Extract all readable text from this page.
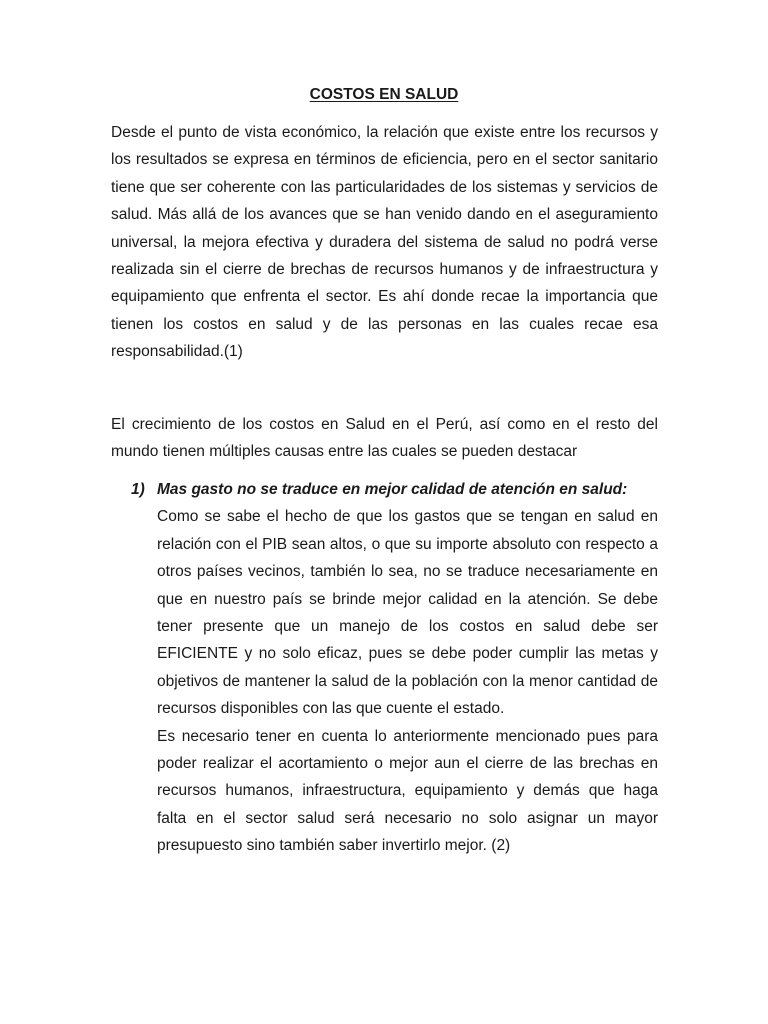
COSTOS EN SALUD

Desde el punto de vista económico, la relación que existe entre los recursos y los resultados se expresa en términos de eficiencia, pero en el sector sanitario tiene que ser coherente con las particularidades de los sistemas y servicios de salud. Más allá de los avances que se han venido dando en el aseguramiento universal, la mejora efectiva y duradera del sistema de salud no podrá verse realizada sin el cierre de brechas de recursos humanos y de infraestructura y equipamiento que enfrenta el sector. Es ahí donde recae la importancia que tienen los costos en salud y de las personas en las cuales recae esa responsabilidad.(1)

El crecimiento de los costos en Salud en el Perú, así como en el resto del mundo tienen múltiples causas entre las cuales se pueden destacar

1) Mas gasto no se traduce en mejor calidad de atención en salud:

Como se sabe el hecho de que los gastos que se tengan en salud en relación con el PIB sean altos, o que su importe absoluto con respecto a otros países vecinos, también lo sea, no se traduce necesariamente en que en nuestro país se brinde mejor calidad en la atención. Se debe tener presente que un manejo de los costos en salud debe ser EFICIENTE y no solo eficaz, pues se debe poder cumplir las metas y objetivos de mantener la salud de la población con la menor cantidad de recursos disponibles con las que cuente el estado.

Es necesario tener en cuenta lo anteriormente mencionado pues para poder realizar el acortamiento o mejor aun el cierre de las brechas en recursos humanos, infraestructura, equipamiento y demás que haga falta en el sector salud será necesario no solo asignar un mayor presupuesto sino también saber invertirlo mejor. (2)
